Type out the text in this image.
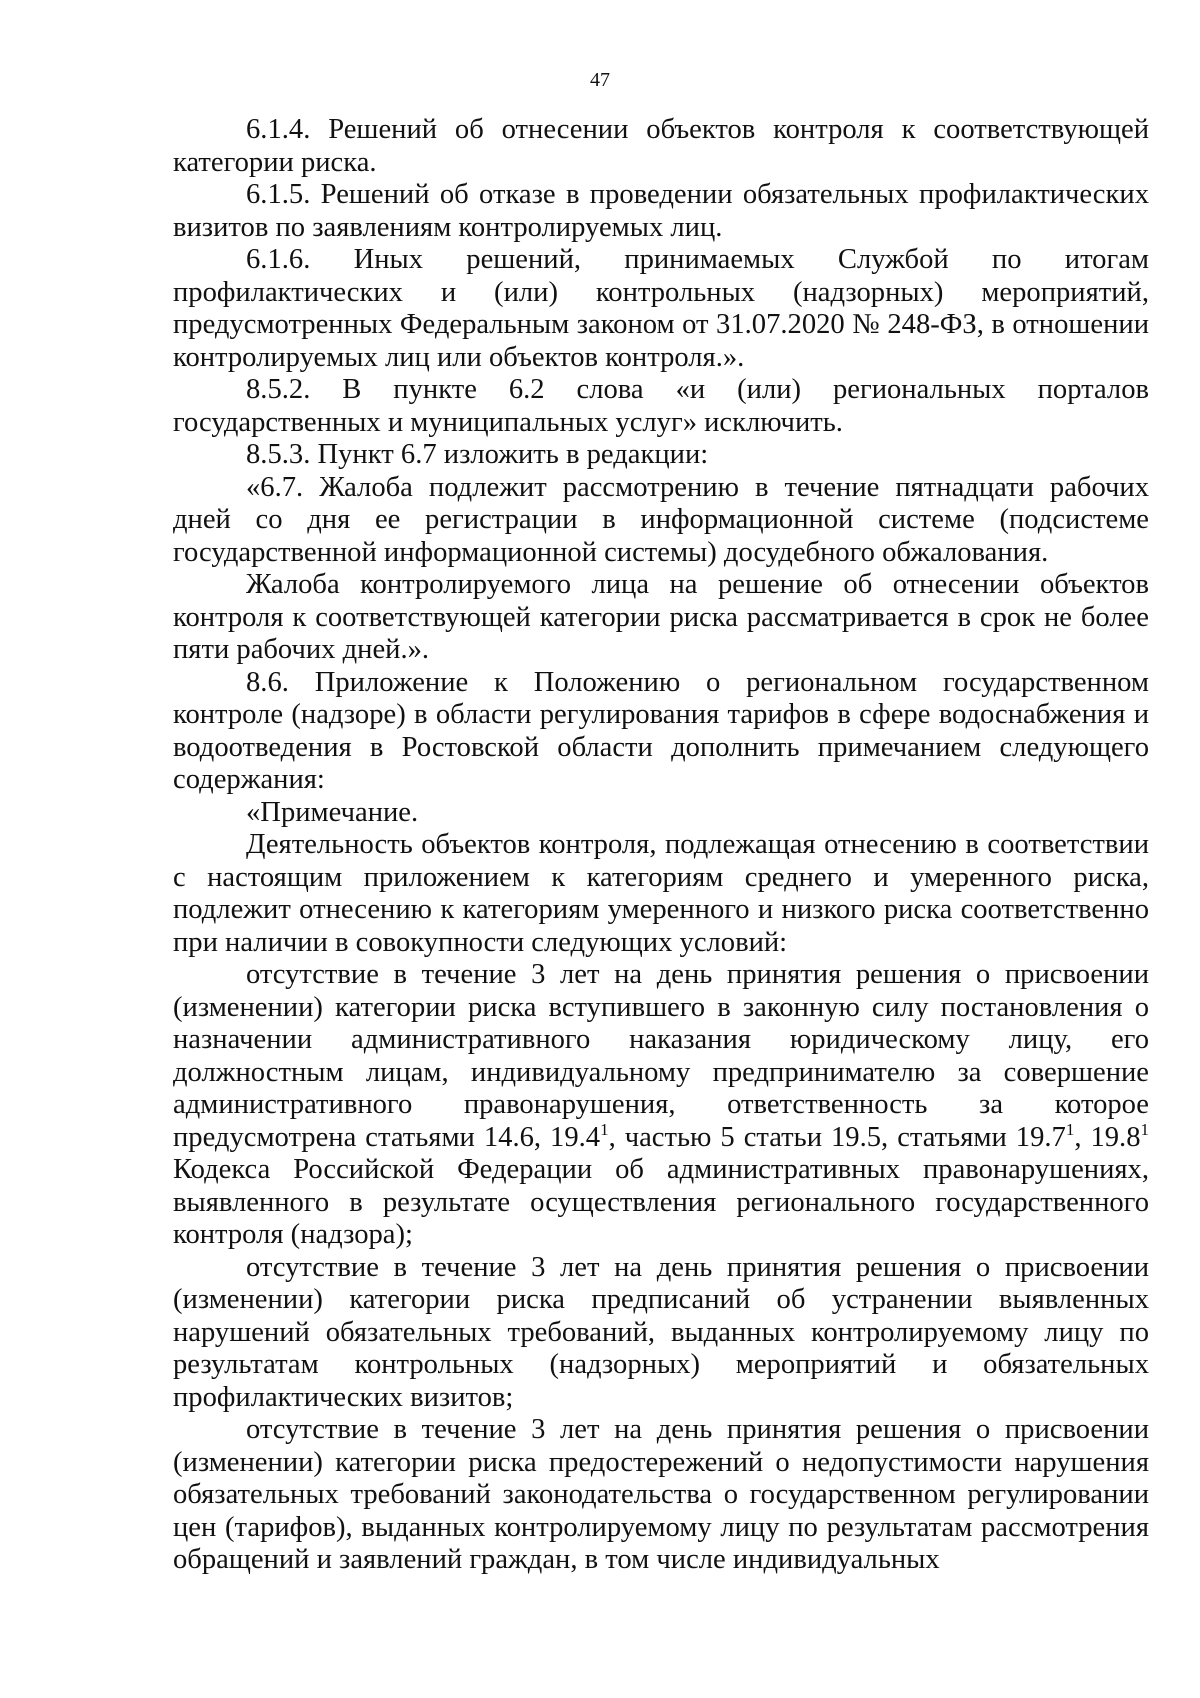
47

6.1.4. Решений об отнесении объектов контроля к соответствующей категории риска.

6.1.5. Решений об отказе в проведении обязательных профилактических визитов по заявлениям контролируемых лиц.

6.1.6. Иных решений, принимаемых Службой по итогам профилактических и (или) контрольных (надзорных) мероприятий, предусмотренных Федеральным законом от 31.07.2020 № 248-ФЗ, в отношении контролируемых лиц или объектов контроля.».

8.5.2. В пункте 6.2 слова «и (или) региональных порталов государственных и муниципальных услуг» исключить.

8.5.3. Пункт 6.7 изложить в редакции:

«6.7. Жалоба подлежит рассмотрению в течение пятнадцати рабочих дней со дня ее регистрации в информационной системе (подсистеме государственной информационной системы) досудебного обжалования.

Жалоба контролируемого лица на решение об отнесении объектов контроля к соответствующей категории риска рассматривается в срок не более пяти рабочих дней.».

8.6. Приложение к Положению о региональном государственном контроле (надзоре) в области регулирования тарифов в сфере водоснабжения и водоотведения в Ростовской области дополнить примечанием следующего содержания:

«Примечание.

Деятельность объектов контроля, подлежащая отнесению в соответствии с настоящим приложением к категориям среднего и умеренного риска, подлежит отнесению к категориям умеренного и низкого риска соответственно при наличии в совокупности следующих условий:

отсутствие в течение 3 лет на день принятия решения о присвоении (изменении) категории риска вступившего в законную силу постановления о назначении административного наказания юридическому лицу, его должностным лицам, индивидуальному предпринимателю за совершение административного правонарушения, ответственность за которое предусмотрена статьями 14.6, 19.4$^1$, частью 5 статьи 19.5, статьями 19.7$^1$, 19.8$^1$ Кодекса Российской Федерации об административных правонарушениях, выявленного в результате осуществления регионального государственного контроля (надзора);

отсутствие в течение 3 лет на день принятия решения о присвоении (изменении) категории риска предписаний об устранении выявленных нарушений обязательных требований, выданных контролируемому лицу по результатам контрольных (надзорных) мероприятий и обязательных профилактических визитов;

отсутствие в течение 3 лет на день принятия решения о присвоении (изменении) категории риска предостережений о недопустимости нарушения обязательных требований законодательства о государственном регулировании цен (тарифов), выданных контролируемому лицу по результатам рассмотрения обращений и заявлений граждан, в том числе индивидуальных
